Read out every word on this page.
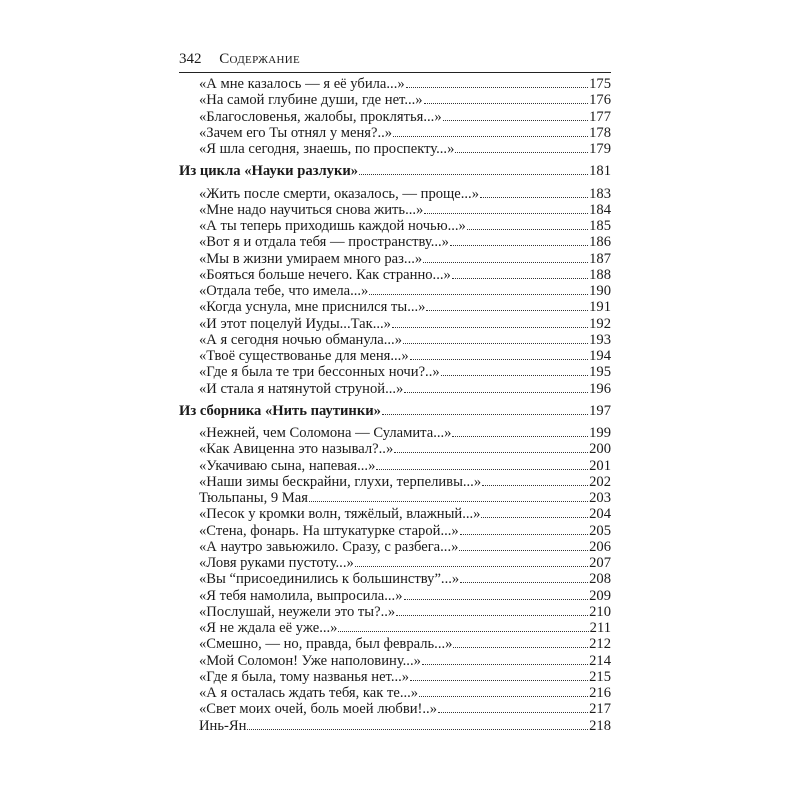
342 Содержание
«А мне казалось — я её убила...»	175
«На самой глубине души, где нет...»	176
«Благословенья, жалобы, проклятья...»	177
«Зачем его Ты отнял у меня?..»	178
«Я шла сегодня, знаешь, по проспекту...»	179
Из цикла «Науки разлуки»	181
«Жить после смерти, оказалось, — проще...»	183
«Мне надо научиться снова жить...»	184
«А ты теперь приходишь каждой ночью...»	185
«Вот я и отдала тебя — пространству...»	186
«Мы в жизни умираем много раз...»	187
«Бояться больше нечего. Как странно...»	188
«Отдала тебе, что имела...»	190
«Когда уснула, мне приснился ты...»	191
«И этот поцелуй Иуды...Так...»	192
«А я сегодня ночью обманула...»	193
«Твоё существованье для меня...»	194
«Где я была те три бессонных ночи?..»	195
«И стала я натянутой струной...»	196
Из сборника «Нить паутинки»	197
«Нежней, чем Соломона — Суламита...»	199
«Как Авиценна это называл?..»	200
«Укачиваю сына, напевая...»	201
«Наши зимы бескрайни, глухи, терпеливы...»	202
Тюльпаны, 9 Мая	203
«Песок у кромки волн, тяжёлый, влажный...»	204
«Стена, фонарь. На штукатурке старой...»	205
«А наутро завьюжило. Сразу, с разбега...»	206
«Ловя руками пустоту...»	207
«Вы “присоединились к большинству”...»	208
«Я тебя намолила, выпросила...»	209
«Послушай, неужели это ты?..»	210
«Я не ждала её уже...»	211
«Смешно, — но, правда, был февраль...»	212
«Мой Соломон! Уже наполовину...»	214
«Где я была, тому названья нет...»	215
«А я осталась ждать тебя, как те...»	216
«Свет моих очей, боль моей любви!..»	217
Инь-Ян	218
